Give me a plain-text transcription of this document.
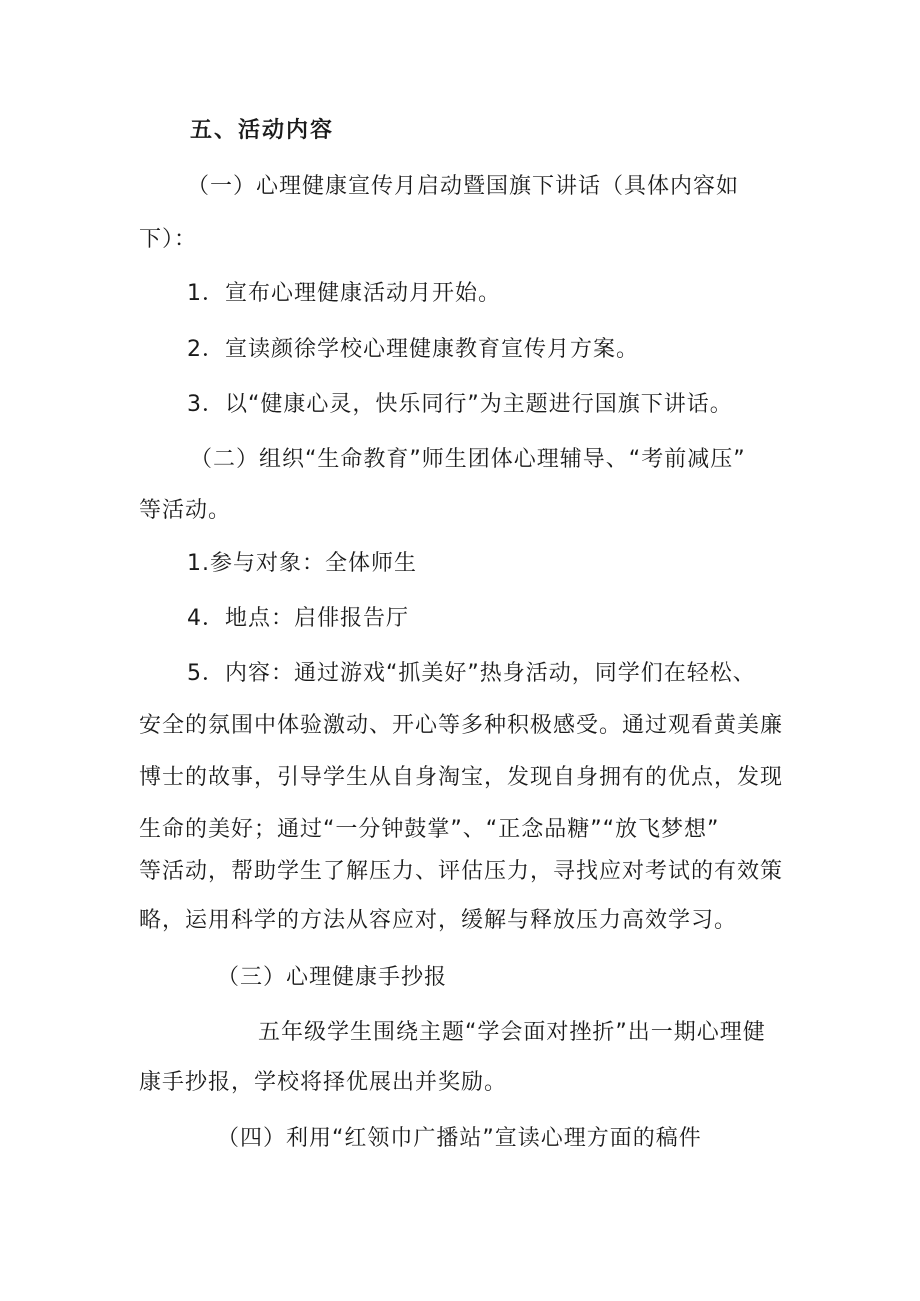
五、活动内容
（一）心理健康宣传月启动暨国旗下讲话（具体内容如
下）：
1．宣布心理健康活动月开始。
2．宣读颜徐学校心理健康教育宣传月方案。
3．以“健康心灵，快乐同行”为主题进行国旗下讲话。
（二）组织“生命教育”师生团体心理辅导、“考前减压”
等活动。
1.参与对象：全体师生
4．地点：启俳报告厅
5．内容：通过游戏“抓美好”热身活动，同学们在轻松、
安全的氛围中体验激动、开心等多种积极感受。通过观看黄美廉
博士的故事，引导学生从自身淘宝，发现自身拥有的优点，发现
生命的美好；通过“一分钟鼓掌”、“正念品糖”“放飞梦想”
等活动，帮助学生了解压力、评估压力，寻找应对考试的有效策
略，运用科学的方法从容应对，缓解与释放压力高效学习。
（三）心理健康手抄报
五年级学生围绕主题“学会面对挫折”出一期心理健
康手抄报，学校将择优展出并奖励。
（四）利用“红领巾广播站”宣读心理方面的稿件
